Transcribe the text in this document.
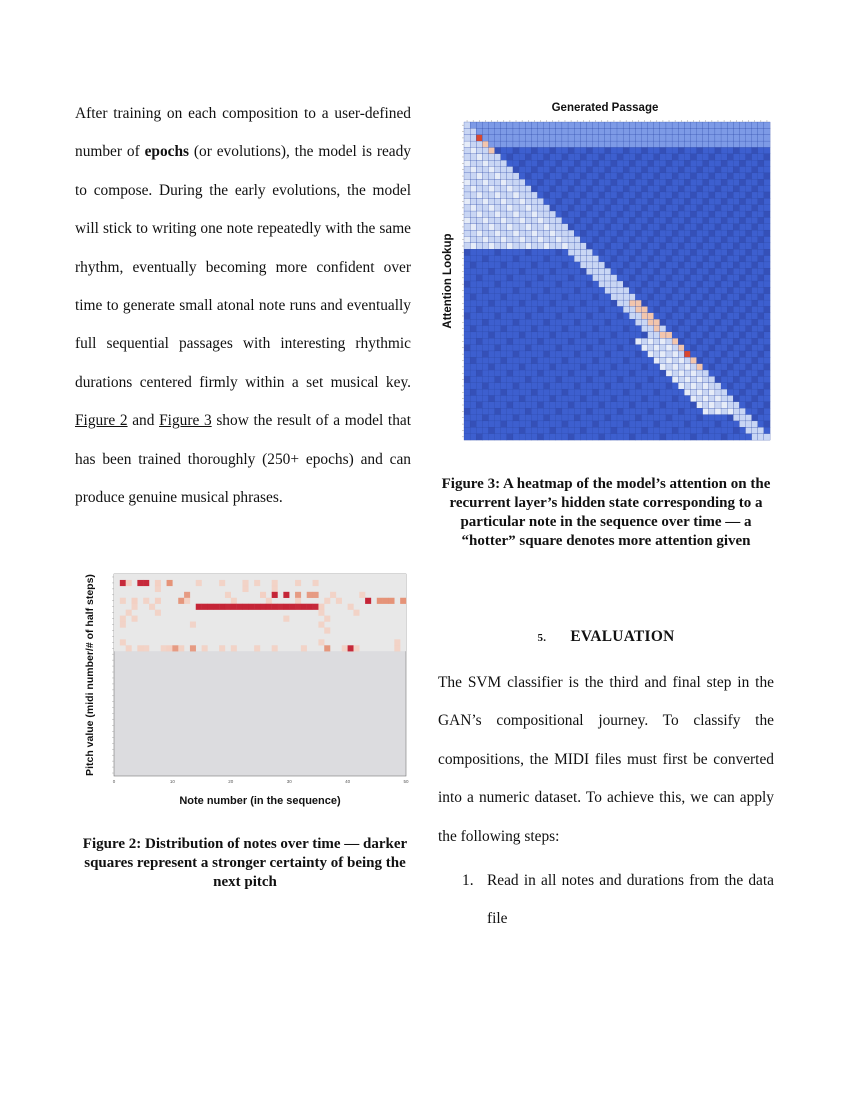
After training on each composition to a user-defined number of epochs (or evolutions), the model is ready to compose. During the early evolutions, the model will stick to writing one note repeatedly with the same rhythm, eventually becoming more confident over time to generate small atonal note runs and eventually full sequential passages with interesting rhythmic durations centered firmly within a set musical key. Figure 2 and Figure 3 show the result of a model that has been trained thoroughly (250+ epochs) and can produce genuine musical phrases.

0	10	20	30	40	50
Note number (in the sequence)
Pitch value (midi number/# of half steps)
Figure 2: Distribution of notes over time — darker squares represent a stronger certainty of being the next pitch
Generated Passage
Attention Lookup
Figure 3: A heatmap of the model’s attention on the recurrent layer’s hidden state corresponding to a particular note in the sequence over time — a “hotter” square denotes more attention given
5. EVALUATION

The SVM classifier is the third and final step in the GAN’s compositional journey. To classify the compositions, the MIDI files must first be converted into a numeric dataset. To achieve this, we can apply the following steps:

1. Read in all notes and durations from the data file
